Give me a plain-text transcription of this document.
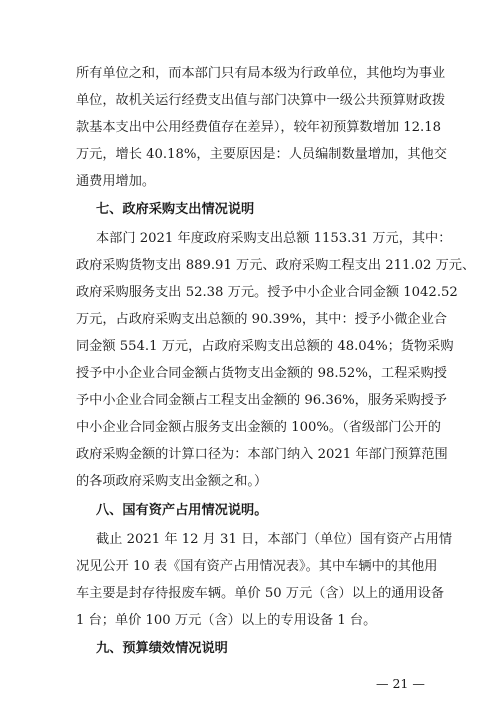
所有单位之和，而本部门只有局本级为行政单位，其他均为事业
单位，故机关运行经费支出值与部门决算中一级公共预算财政拨
款基本支出中公用经费值存在差异），较年初预算数增加 12.18
万元，增长 40.18%，主要原因是：人员编制数量增加，其他交
通费用增加。
七、政府采购支出情况说明
本部门 2021 年度政府采购支出总额 1153.31 万元，其中：
政府采购货物支出 889.91 万元、政府采购工程支出 211.02 万元、
政府采购服务支出 52.38 万元。授予中小企业合同金额 1042.52
万元，占政府采购支出总额的 90.39%，其中：授予小微企业合
同金额 554.1 万元，占政府采购支出总额的 48.04%；货物采购
授予中小企业合同金额占货物支出金额的 98.52%，工程采购授
予中小企业合同金额占工程支出金额的 96.36%，服务采购授予
中小企业合同金额占服务支出金额的 100%。（省级部门公开的
政府采购金额的计算口径为：本部门纳入 2021 年部门预算范围
的各项政府采购支出金额之和。）
八、国有资产占用情况说明。
截止 2021 年 12 月 31 日，本部门（单位）国有资产占用情
况见公开 10 表《国有资产占用情况表》。其中车辆中的其他用
车主要是封存待报废车辆。单价 50 万元（含）以上的通用设备
1 台；单价 100 万元（含）以上的专用设备 1 台。
九、预算绩效情况说明
— 21 —
